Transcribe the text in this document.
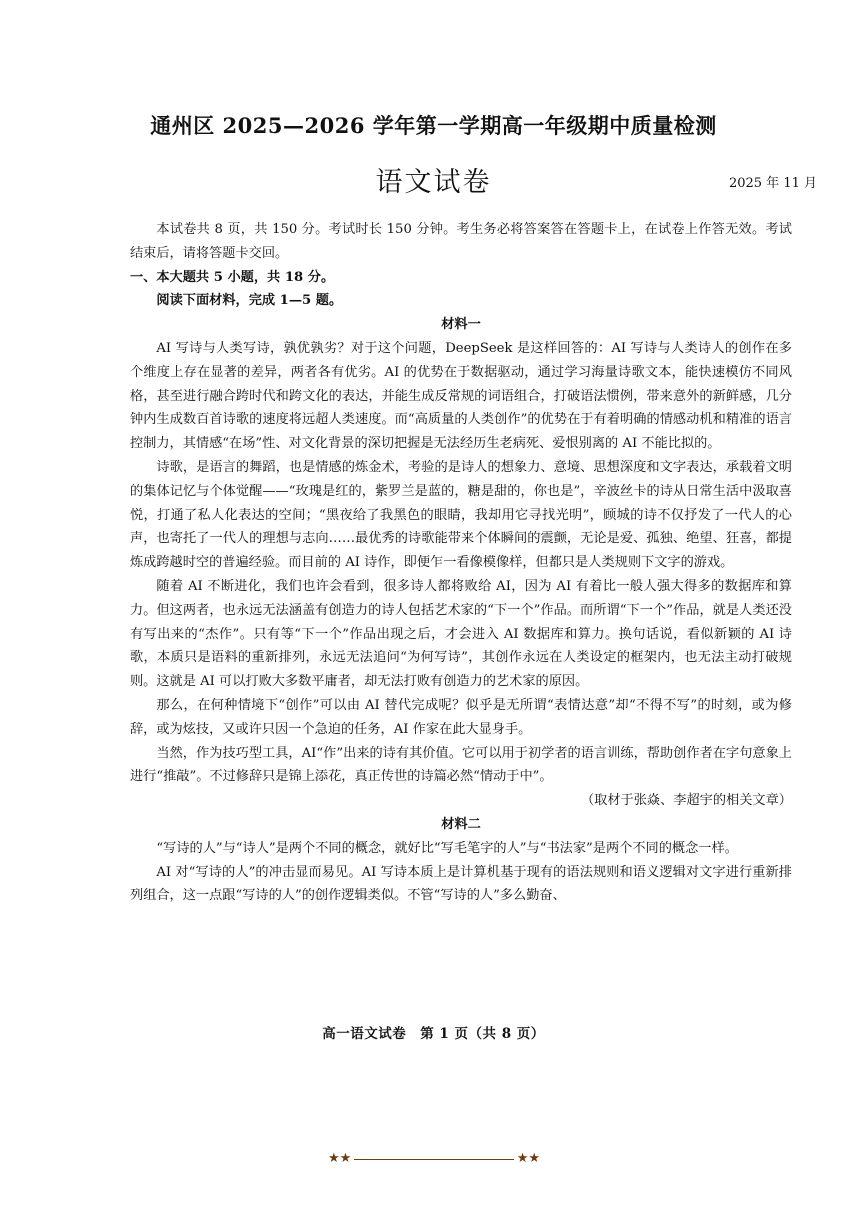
通州区 2025—2026 学年第一学期高一年级期中质量检测
语文试卷	2025 年 11 月

本试卷共 8 页，共 150 分。考试时长 150 分钟。考生务必将答案答在答题卡上，在试卷上作答无效。考试结束后，请将答题卡交回。

一、本大题共 5 小题，共 18 分。

阅读下面材料，完成 1—5 题。

材料一

AI 写诗与人类写诗，孰优孰劣？对于这个问题，DeepSeek 是这样回答的：AI 写诗与人类诗人的创作在多个维度上存在显著的差异，两者各有优劣。AI 的优势在于数据驱动，通过学习海量诗歌文本，能快速模仿不同风格，甚至进行融合跨时代和跨文化的表达，并能生成反常规的词语组合，打破语法惯例，带来意外的新鲜感，几分钟内生成数百首诗歌的速度将远超人类速度。而“高质量的人类创作”的优势在于有着明确的情感动机和精准的语言控制力，其情感“在场”性、对文化背景的深切把握是无法经历生老病死、爱恨别离的 AI 不能比拟的。

诗歌，是语言的舞蹈，也是情感的炼金术，考验的是诗人的想象力、意境、思想深度和文字表达，承载着文明的集体记忆与个体觉醒——“玫瑰是红的，紫罗兰是蓝的，糖是甜的，你也是”，辛波丝卡的诗从日常生活中汲取喜悦，打通了私人化表达的空间；“黑夜给了我黑色的眼睛，我却用它寻找光明”，顾城的诗不仅抒发了一代人的心声，也寄托了一代人的理想与志向……最优秀的诗歌能带来个体瞬间的震颤，无论是爱、孤独、绝望、狂喜，都提炼成跨越时空的普遍经验。而目前的 AI 诗作，即便乍一看像模像样，但都只是人类规则下文字的游戏。

随着 AI 不断进化，我们也许会看到，很多诗人都将败给 AI，因为 AI 有着比一般人强大得多的数据库和算力。但这两者，也永远无法涵盖有创造力的诗人包括艺术家的“下一个”作品。而所谓“下一个”作品，就是人类还没有写出来的“杰作”。只有等“下一个”作品出现之后，才会进入 AI 数据库和算力。换句话说，看似新颖的 AI 诗歌，本质只是语料的重新排列，永远无法追问“为何写诗”，其创作永远在人类设定的框架内，也无法主动打破规则。这就是 AI 可以打败大多数平庸者，却无法打败有创造力的艺术家的原因。

那么，在何种情境下“创作”可以由 AI 替代完成呢？似乎是无所谓“表情达意”却“不得不写”的时刻，或为修辞，或为炫技，又或许只因一个急迫的任务，AI 作家在此大显身手。

当然，作为技巧型工具，AI“作”出来的诗有其价值。它可以用于初学者的语言训练，帮助创作者在字句意象上进行“推敲”。不过修辞只是锦上添花，真正传世的诗篇必然“情动于中”。

（取材于张焱、李超宇的相关文章）

材料二

“写诗的人”与“诗人”是两个不同的概念，就好比“写毛笔字的人”与“书法家”是两个不同的概念一样。

AI 对“写诗的人”的冲击显而易见。AI 写诗本质上是计算机基于现有的语法规则和语义逻辑对文字进行重新排列组合，这一点跟“写诗的人”的创作逻辑类似。不管“写诗的人”多么勤奋、

高一语文试卷　第 1 页（共 8 页）
★★	★★
